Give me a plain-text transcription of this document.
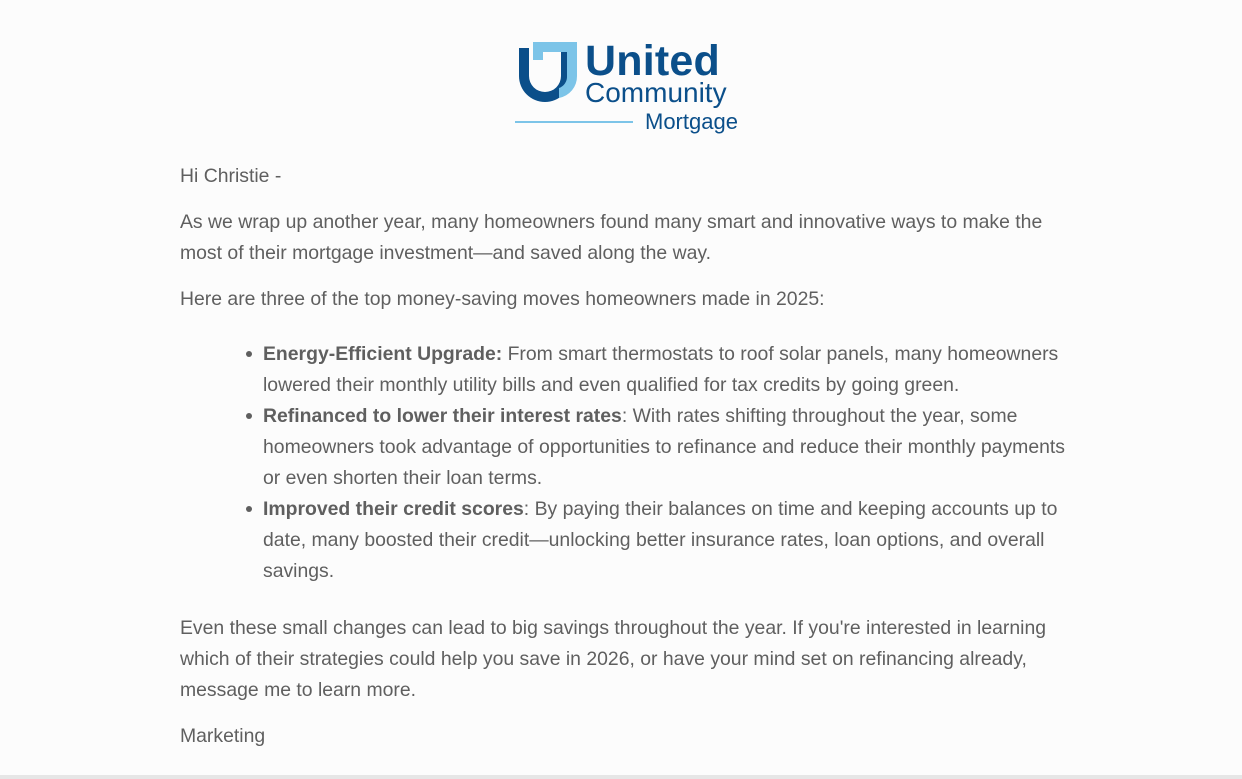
United
Community
Mortgage

Hi Christie -

As we wrap up another year, many homeowners found many smart and innovative ways to make the most of their mortgage investment—and saved along the way.

Here are three of the top money-saving moves homeowners made in 2025:

Energy-Efficient Upgrade: From smart thermostats to roof solar panels, many homeowners lowered their monthly utility bills and even qualified for tax credits by going green.
Refinanced to lower their interest rates: With rates shifting throughout the year, some homeowners took advantage of opportunities to refinance and reduce their monthly payments or even shorten their loan terms.
Improved their credit scores: By paying their balances on time and keeping accounts up to date, many boosted their credit—unlocking better insurance rates, loan options, and overall savings.

Even these small changes can lead to big savings throughout the year. If you're interested in learning which of their strategies could help you save in 2026, or have your mind set on refinancing already, message me to learn more.

Marketing
